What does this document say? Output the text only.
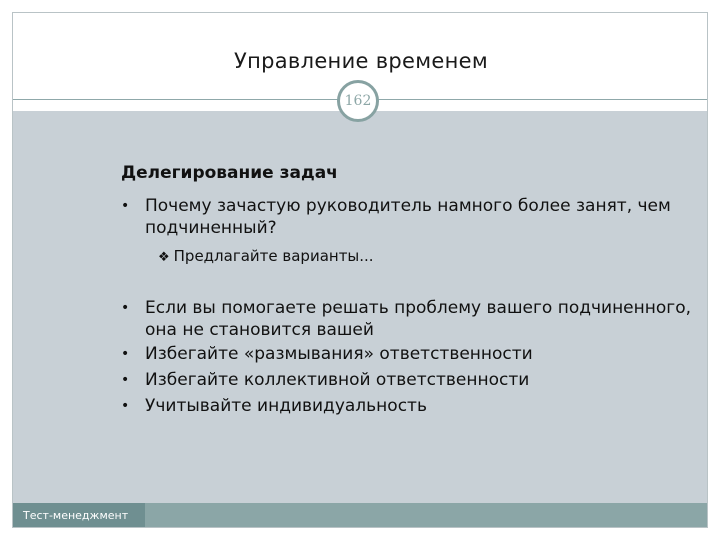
Управление временем
162
Делегирование задач
• Почему зачастую руководитель намного более занят, чем подчиненный?
❖ Предлагайте варианты...
• Если вы помогаете решать проблему вашего подчиненного, она не становится вашей
• Избегайте «размывания» ответственности
• Избегайте коллективной ответственности
• Учитывайте индивидуальность
Тест-менеджмент
